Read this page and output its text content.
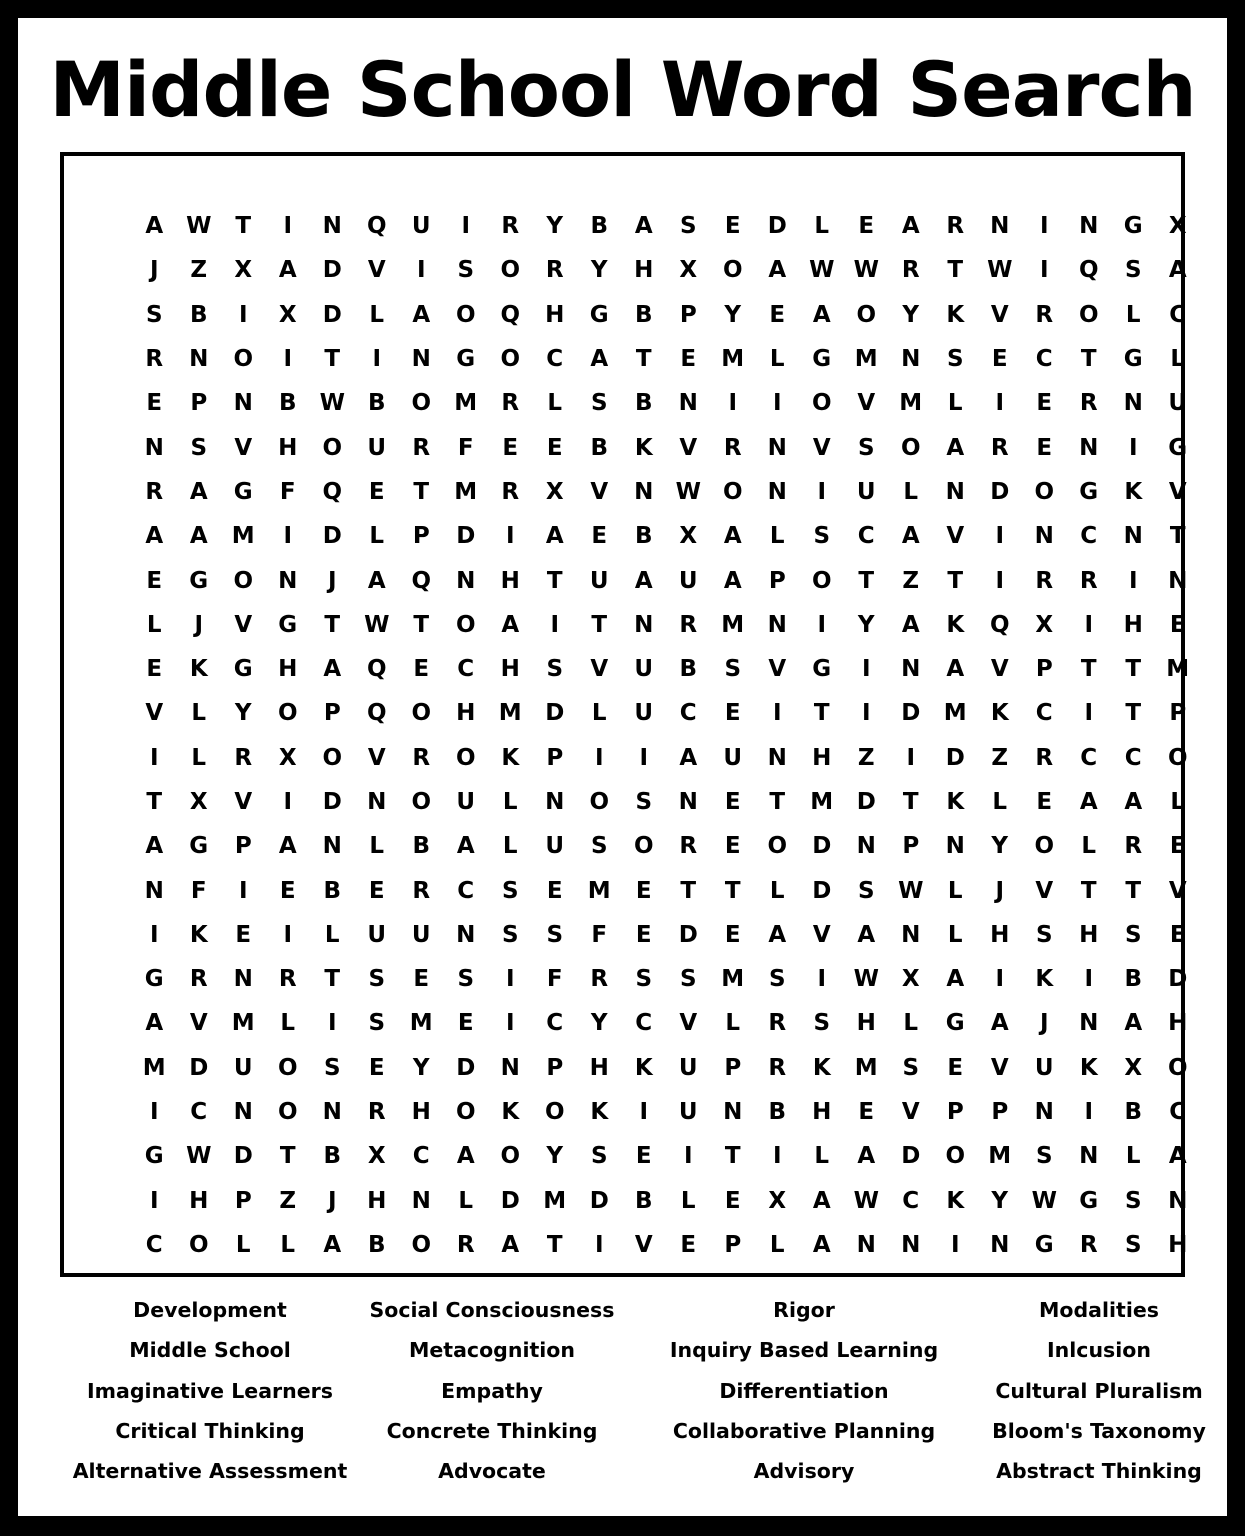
Middle School Word Search
A W	T	I	N	Q	U	I	R	Y	B	A	S	E	D	L	E	A	R	N	I	N	G	X
J	Z	X	A	D	V	I	S	O	R	Y	H	X	O	A W W R	T	W	I	Q	S	A
S	B	I	X	D	L	A	O	Q	H	G	B	P	Y	E	A	O	Y	K	V	R	O	L	C
R	N	O	I	T	I	N	G	O	C	A	T	E	M	L	G	M	N	S	E	C	T	G	L
E	P	N	B	W	B	O	M	R	L	S	B	N	I	I	O	V	M	L	I	E	R	N	U
N	S	V	H	O	U	R	F	E	E	B	K	V	R	N	V	S	O	A	R	E	N	I	G
R	A	G	F	Q	E	T	M	R	X	V	N W O	N	I	U	L	N	D	O	G	K	V
A	A	M	I	D	L	P	D	I	A	E	B	X	A	L	S	C	A	V	I	N	C	N	T
E	G	O	N	J	A	Q	N	H	T	U	A	U	A	P	O	T	Z	T	I	R	R	I	N
L	J	V	G	T	W	T	O	A	I	T	N	R	M	N	I	Y	A	K	Q	X	I	H	E
E	K	G	H	A	Q	E	C	H	S	V	U	B	S	V	G	I	N	A	V	P	T	T	M
V	L	Y	O	P	Q	O	H	M	D	L	U	C	E	I	T	I	D	M	K	C	I	T	P
I	L	R	X	O	V	R	O	K	P	I	I	A	U	N	H	Z	I	D	Z	R	C	C	O
T	X	V	I	D	N	O	U	L	N	O	S	N	E	T	M	D	T	K	L	E	A	A	L
A	G	P	A	N	L	B	A	L	U	S	O	R	E	O	D	N	P	N	Y	O	L	R	E
N	F	I	E	B	E	R	C	S	E	M	E	T	T	L	D	S	W	L	J	V	T	T	V
I	K	E	I	L	U	U	N	S	S	F	E	D	E	A	V	A	N	L	H	S	H	S	E
G	R	N	R	T	S	E	S	I	F	R	S	S	M	S	I	W X	A	I	K	I	B	D
A	V	M	L	I	S	M	E	I	C	Y	C	V	L	R	S	H	L	G	A	J	N	A	H
M	D	U	O	S	E	Y	D	N	P	H	K	U	P	R	K	M	S	E	V	U	K	X	O
I	C	N	O	N	R	H	O	K	O	K	I	U	N	B	H	E	V	P	P	N	I	B	C
G W D	T	B	X	C	A	O	Y	S	E	I	T	I	L	A	D	O	M	S	N	L	A
I	H	P	Z	J	H	N	L	D	M	D	B	L	E	X	A W	C	K	Y	W G	S	N
C	O	L	L	A	B	O	R	A	T	I	V	E	P	L	A	N	N	I	N	G	R	S	H
Development
Middle School
Imaginative Learners
Critical Thinking
Alternative Assessment
Social Consciousness
Metacognition
Empathy
Concrete Thinking
Advocate
Rigor
Inquiry Based Learning
Differentiation
Collaborative Planning
Advisory
Modalities
Inlcusion
Cultural Pluralism
Bloom's Taxonomy
Abstract Thinking
